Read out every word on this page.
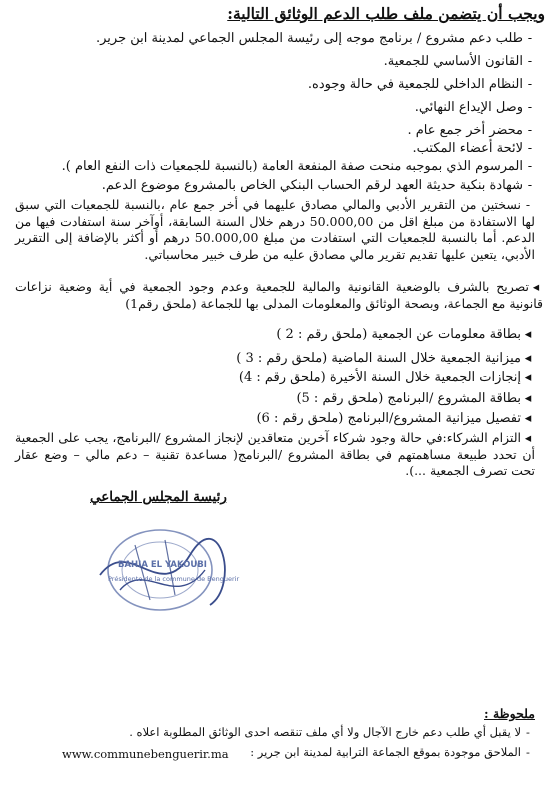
ويجب أن يتضمن ملف طلب الدعم الوثائق التالية:
-طلب دعم مشروع / برنامج موجه إلى رئيسة المجلس الجماعي لمدينة ابن جرير.
-القانون الأساسي للجمعية.
-النظام الداخلي للجمعية في حالة وجوده.
-وصل الإيداع النهائي.
-محضر أخر جمع عام .
-لائحة أعضاء المكتب.
-المرسوم الذي بموجبه منحت صفة المنفعة العامة (بالنسبة للجمعيات ذات النفع العام ).
-شهادة بنكية حديثة العهد لرقم الحساب البنكي الخاص بالمشروع موضوع الدعم.
-نسختين من التقرير الأدبي والمالي مصادق عليهما في أخر جمع عام ،بالنسبة للجمعيات التي سبق لها الاستفادة من مبلغ اقل من 50.000,00 درهم خلال السنة السابقة، أوآخر سنة استفادت فيها من الدعم. أما بالنسبة للجمعيات التي استفادت من مبلغ 50.000,00 درهم أو أكثر بالإضافة إلى التقرير الأدبي، يتعين عليها تقديم تقرير مالي مصادق عليه من طرف خبير محاسباتي.
◂تصريح بالشرف بالوضعية القانونية والمالية للجمعية وعدم وجود الجمعية في أية وضعية نزاعات قانونية مع الجماعة، وبصحة الوثائق والمعلومات المدلى بها للجماعة (ملحق رقم1)
◂بطاقة معلومات عن الجمعية (ملحق رقم : 2 )
◂ميزانية الجمعية خلال السنة الماضية (ملحق رقم : 3 )
◂إنجازات الجمعية خلال السنة الأخيرة (ملحق رقم : 4)
◂بطاقة المشروع /البرنامج (ملحق رقم : 5)
◂تفصيل ميزانية المشروع/البرنامج (ملحق رقم : 6)
◂التزام الشركاء:في حالة وجود شركاء آخرين متعاقدين لإنجاز المشروع /البرنامج، يجب على الجمعية أن تحدد طبيعة مساهمتهم في بطاقة المشروع /البرنامج( مساعدة تقنية – دعم مالي – وضع عقار تحت تصرف الجمعية ...).
رئيسة المجلس الجماعي
BAHIA EL YAKOUBI
Présidente de la commune de Benguerir
ملحوظة :
-لا يقبل أي طلب دعم خارج الآجال ولا أي ملف تنقصه احدى الوثائق المطلوبة اعلاه .
-الملاحق موجودة بموقع الجماعة الترابية لمدينة ابن جرير :
www.communebenguerir.ma
